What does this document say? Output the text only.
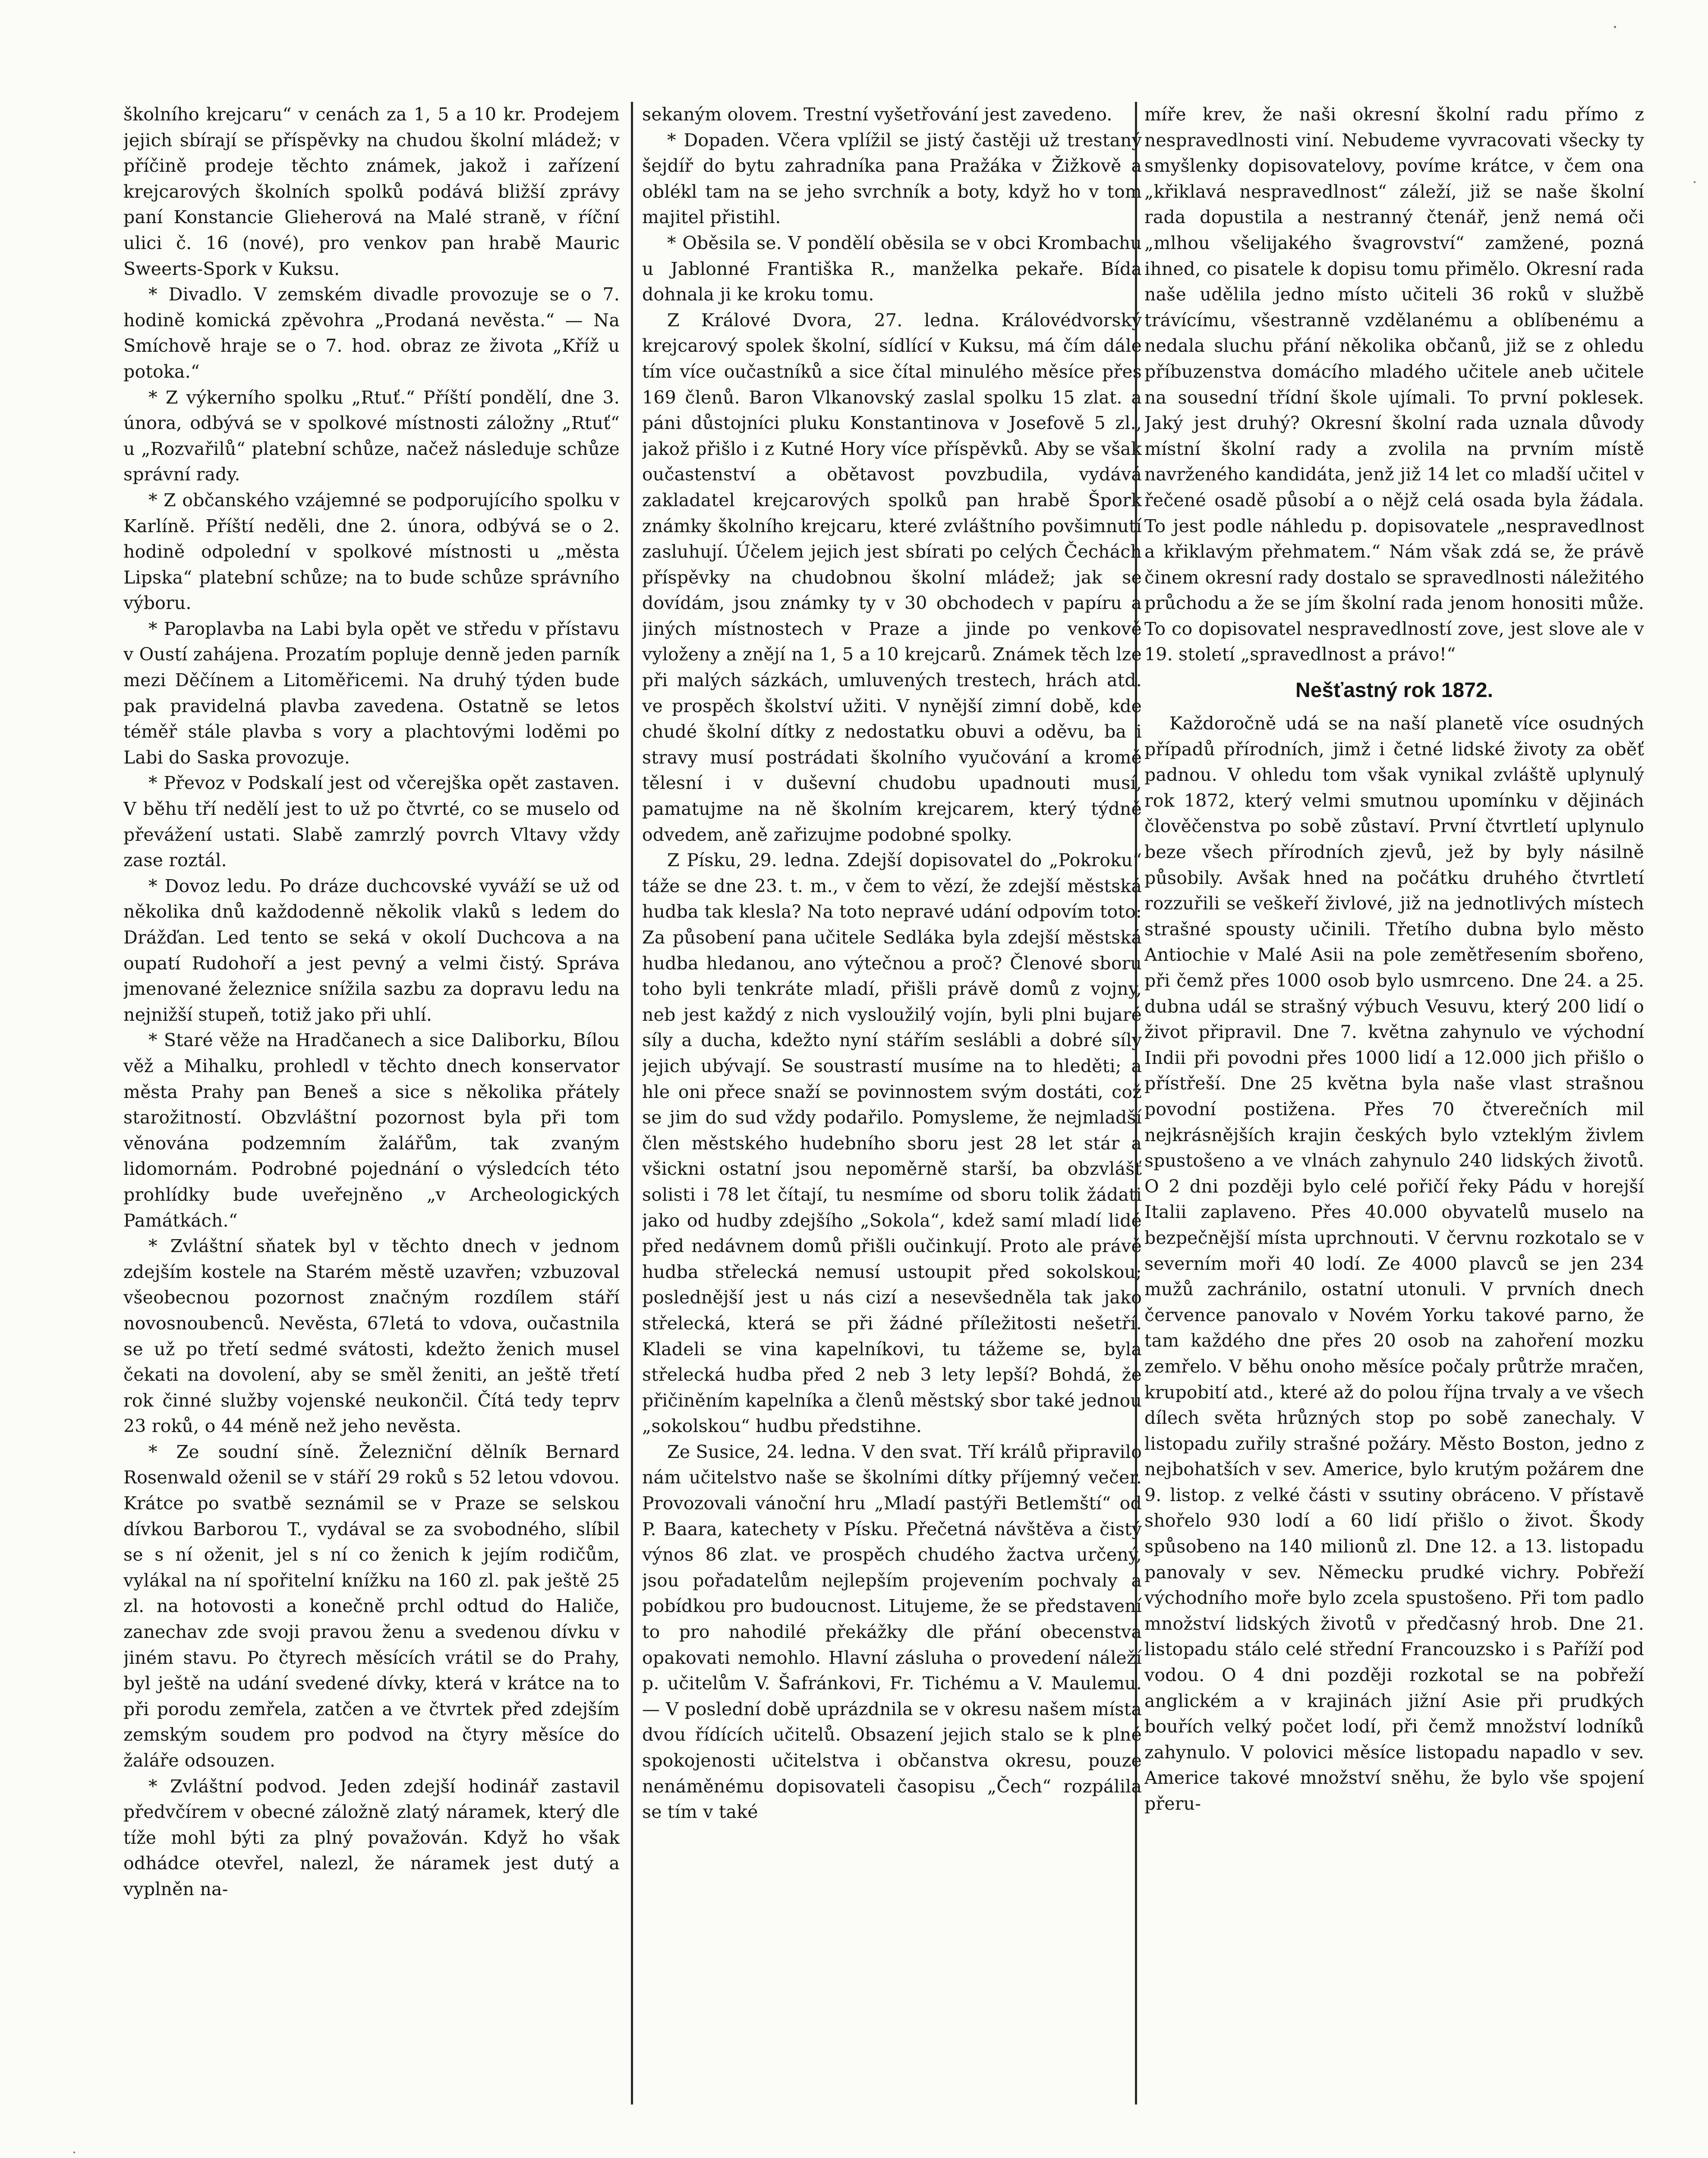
školního krejcaru“ v cenách za 1, 5 a 10 kr. Prodejem jejich sbírají se příspěvky na chudou školní mládež; v příčině prodeje těchto známek, jakož i zařízení krejcarových školních spolků podává bližší zprávy paní Konstancie Glieherová na Malé straně, v ŕíční ulici č. 16 (nové), pro venkov pan hrabě Mauric Sweerts-Spork v Kuksu.

* Divadlo. V zemském divadle provozuje se o 7. hodině komická zpěvohra „Prodaná nevěsta.“ — Na Smíchově hraje se o 7. hod. obraz ze života „Kříž u potoka.“

* Z výkerního spolku „Rtuť.“ Příští pondělí, dne 3. února, odbývá se v spolkové místnosti záložny „Rtuť“ u „Rozvařilů“ platební schůze, načež následuje schůze správní rady.

* Z občanského vzájemné se podporujícího spolku v Karlíně. Příští neděli, dne 2. února, odbývá se o 2. hodině odpolední v spolkové místnosti u „města Lipska“ platební schůze; na to bude schůze správního výboru.

* Paroplavba na Labi byla opět ve středu v přístavu v Oustí zahájena. Prozatím popluje denně jeden parník mezi Děčínem a Litoměřicemi. Na druhý týden bude pak pravidelná plavba zavedena. Ostatně se letos téměř stále plavba s vory a plachtovými loděmi po Labi do Saska provozuje.

* Převoz v Podskalí jest od včerejška opět zastaven. V běhu tří nedělí jest to už po čtvrté, co se muselo od převážení ustati. Slabě zamrzlý povrch Vltavy vždy zase roztál.

* Dovoz ledu. Po dráze duchcovské vyváží se už od několika dnů každodenně několik vlaků s ledem do Drážďan. Led tento se seká v okolí Duchcova a na oupatí Rudohoří a jest pevný a velmi čistý. Správa jmenované železnice snížila sazbu za dopravu ledu na nejnižší stupeň, totiž jako při uhlí.

* Staré věže na Hradčanech a sice Daliborku, Bílou věž a Mihalku, prohledl v těchto dnech konservator města Prahy pan Beneš a sice s několika přátely starožitností. Obzvláštní pozornost byla při tom věnována podzemním žalářům, tak zvaným lidomornám. Podrobné pojednání o výsledcích této prohlídky bude uveřejněno „v Archeologických Památkách.“

* Zvláštní sňatek byl v těchto dnech v jednom zdejším kostele na Starém městě uzavřen; vzbuzoval všeobecnou pozornost značným rozdílem stáří novosnoubenců. Nevěsta, 67letá to vdova, oučastnila se už po třetí sedmé svátosti, kdežto ženich musel čekati na dovolení, aby se směl ženiti, an ještě třetí rok činné služby vojenské neukončil. Čítá tedy teprv 23 roků, o 44 méně než jeho nevěsta.

* Ze soudní síně. Železniční dělník Bernard Rosenwald oženil se v stáří 29 roků s 52 letou vdovou. Krátce po svatbě seznámil se v Praze se selskou dívkou Barborou T., vydával se za svobodného, slíbil se s ní oženit, jel s ní co ženich k jejím rodičům, vylákal na ní spořitelní knížku na 160 zl. pak ještě 25 zl. na hotovosti a konečně prchl odtud do Haliče, zanechav zde svoji pravou ženu a svedenou dívku v jiném stavu. Po čtyrech měsících vrátil se do Prahy, byl ještě na udání svedené dívky, která v krátce na to při porodu zemřela, zatčen a ve čtvrtek před zdejším zemským soudem pro podvod na čtyry měsíce do žaláře odsouzen.

* Zvláštní podvod. Jeden zdejší hodinář zastavil předvčírem v obecné záložně zlatý náramek, který dle tíže mohl býti za plný považován. Když ho však odhádce otevřel, nalezl, že náramek jest dutý a vyplněn na-

sekaným olovem. Trestní vyšetřování jest zavedeno.

* Dopaden. Včera vplížil se jistý častěji už trestaný šejdíř do bytu zahradníka pana Pražáka v Žižkově a oblékl tam na se jeho svrchník a boty, když ho v tom majitel přistihl.

* Oběsila se. V pondělí oběsila se v obci Krombachu u Jablonné Františka R., manželka pekaře. Bída dohnala ji ke kroku tomu.

Z Králové Dvora, 27. ledna. Královédvorský krejcarový spolek školní, sídlící v Kuksu, má čím dále tím více oučastníků a sice čítal minulého měsíce přes 169 členů. Baron Vlkanovský zaslal spolku 15 zlat. a páni důstojníci pluku Konstantinova v Josefově 5 zl., jakož přišlo i z Kutné Hory více příspěvků. Aby se však oučastenství a obětavost povzbudila, vydává zakladatel krejcarových spolků pan hrabě Špork známky školního krejcaru, které zvláštního povšimnutí zasluhují. Účelem jejich jest sbírati po celých Čechách příspěvky na chudobnou školní mládež; jak se dovídám, jsou známky ty v 30 obchodech v papíru a jiných místnostech v Praze a jinde po venkově vyloženy a znějí na 1, 5 a 10 krejcarů. Známek těch lze při malých sázkách, umluvených trestech, hrách atd. ve prospěch školství užiti. V nynější zimní době, kde chudé školní dítky z nedostatku obuvi a oděvu, ba i stravy musí postrádati školního vyučování a kromě tělesní i v duševní chudobu upadnouti musí, pamatujme na ně školním krejcarem, který týdně odvedem, aně zařizujme podobné spolky.

Z Písku, 29. ledna. Zdejší dopisovatel do „Pokroku“ táže se dne 23. t. m., v čem to vězí, že zdejší městská hudba tak klesla? Na toto nepravé udání odpovím toto: Za působení pana učitele Sedláka byla zdejší městská hudba hledanou, ano výtečnou a proč? Členové sboru toho byli tenkráte mladí, přišli právě domů z vojny, neb jest každý z nich vysloužilý vojín, byli plni bujaré síly a ducha, kdežto nyní stářím seslábli a dobré síly jejich ubývají. Se soustrastí musíme na to hleděti; a hle oni přece snaží se povinnostem svým dostáti, což se jim do sud vždy podařilo. Pomysleme, že nejmladší člen městského hudebního sboru jest 28 let stár a všickni ostatní jsou nepoměrně starší, ba obzvlášť solisti i 78 let čítají, tu nesmíme od sboru tolik žádati jako od hudby zdejšího „Sokola“, kdež samí mladí lidé před nedávnem domů přišli oučinkují. Proto ale právě hudba střelecká nemusí ustoupit před sokolskou; poslednější jest u nás cizí a nesevšedněla tak jako střelecká, která se při žádné příležitosti nešetří. Kladeli se vina kapelníkovi, tu tážeme se, byla střelecká hudba před 2 neb 3 lety lepší? Bohdá, že přičiněním kapelníka a členů městský sbor také jednou „sokolskou“ hudbu předstihne.

Ze Susice, 24. ledna. V den svat. Tří králů připravilo nám učitelstvo naše se školními dítky příjemný večer. Provozovali vánoční hru „Mladí pastýři Betlemští“ od P. Baara, katechety v Písku. Přečetná návštěva a čistý výnos 86 zlat. ve prospěch chudého žactva určený, jsou pořadatelům nejlepším projevením pochvaly a pobídkou pro budoucnost. Litujeme, že se představení to pro nahodilé překážky dle přání obecenstva opakovati nemohlo. Hlavní zásluha o provedení náleží p. učitelům V. Šafránkovi, Fr. Tichému a V. Maulemu. — V poslední době uprázdnila se v okresu našem místa dvou řídících učitelů. Obsazení jejich stalo se k plné spokojenosti učitelstva i občanstva okresu, pouze nenáměnému dopisovateli časopisu „Čech“ rozpálila se tím v také

míře krev, že naši okresní školní radu přímo z nespravedlnosti viní. Nebudeme vyvracovati všecky ty smyšlenky dopisovatelovy, povíme krátce, v čem ona „křiklavá nespravedlnost“ záleží, již se naše školní rada dopustila a nestranný čtenář, jenž nemá oči „mlhou všelijakého švagrovství“ zamžené, pozná ihned, co pisatele k dopisu tomu přimělo. Okresní rada naše udělila jedno místo učiteli 36 roků v službě trávícímu, všestranně vzdělanému a oblíbenému a nedala sluchu přání několika občanů, již se z ohledu příbuzenstva domácího mladého učitele aneb učitele na sousední třídní škole ujímali. To první poklesek. Jaký jest druhý? Okresní školní rada uznala důvody místní školní rady a zvolila na prvním místě navrženého kandidáta, jenž již 14 let co mladší učitel v řečené osadě působí a o nějž celá osada byla žádala. To jest podle náhledu p. dopisovatele „nespravedlnost a křiklavým přehmatem.“ Nám však zdá se, že právě činem okresní rady dostalo se spravedlnosti náležitého průchodu a že se jím školní rada jenom honositi může. To co dopisovatel nespravedlností zove, jest slove ale v 19. století „spravedlnost a právo!“

Nešťastný rok 1872.

Každoročně udá se na naší planetě více osudných případů přírodních, jimž i četné lidské životy za oběť padnou. V ohledu tom však vynikal zvláště uplynulý rok 1872, který velmi smutnou upomínku v dějinách člověčenstva po sobě zůstaví. První čtvrtletí uplynulo beze všech přírodních zjevů, jež by byly násilně působily. Avšak hned na počátku druhého čtvrtletí rozzuřili se veškeří živlové, již na jednotlivých místech strašné spousty učinili. Třetího dubna bylo město Antiochie v Malé Asii na pole zemětřesením sbořeno, při čemž přes 1000 osob bylo usmrceno. Dne 24. a 25. dubna udál se strašný výbuch Vesuvu, který 200 lidí o život připravil. Dne 7. května zahynulo ve východní Indii při povodni přes 1000 lidí a 12.000 jich přišlo o přístřeší. Dne 25 května byla naše vlast strašnou povodní postižena. Přes 70 čtverečních mil nejkrásnějších krajin českých bylo vzteklým živlem spustošeno a ve vlnách zahynulo 240 lidských životů. O 2 dni později bylo celé pořičí řeky Pádu v horejší Italii zaplaveno. Přes 40.000 obyvatelů muselo na bezpečnější místa uprchnouti. V červnu rozkotalo se v severním moři 40 lodí. Ze 4000 plavců se jen 234 mužů zachránilo, ostatní utonuli. V prvních dnech července panovalo v Novém Yorku takové parno, že tam každého dne přes 20 osob na zahoření mozku zemřelo. V běhu onoho měsíce počaly průtrže mračen, krupobití atd., které až do polou října trvaly a ve všech dílech světa hrůzných stop po sobě zanechaly. V listopadu zuřily strašné požáry. Město Boston, jedno z nejbohatších v sev. Americe, bylo krutým požárem dne 9. listop. z velké části v ssutiny obráceno. V přístavě shořelo 930 lodí a 60 lidí přišlo o život. Škody spůsobeno na 140 milionů zl. Dne 12. a 13. listopadu panovaly v sev. Německu prudké vichry. Pobřeží východního moře bylo zcela spustošeno. Při tom padlo množství lidských životů v předčasný hrob. Dne 21. listopadu stálo celé střední Francouzsko i s Paříží pod vodou. O 4 dni později rozkotal se na pobřeží anglickém a v krajinách jižní Asie při prudkých bouřích velký počet lodí, při čemž množství lodníků zahynulo. V polovici měsíce listopadu napadlo v sev. Americe takové množství sněhu, že bylo vše spojení přeru-
